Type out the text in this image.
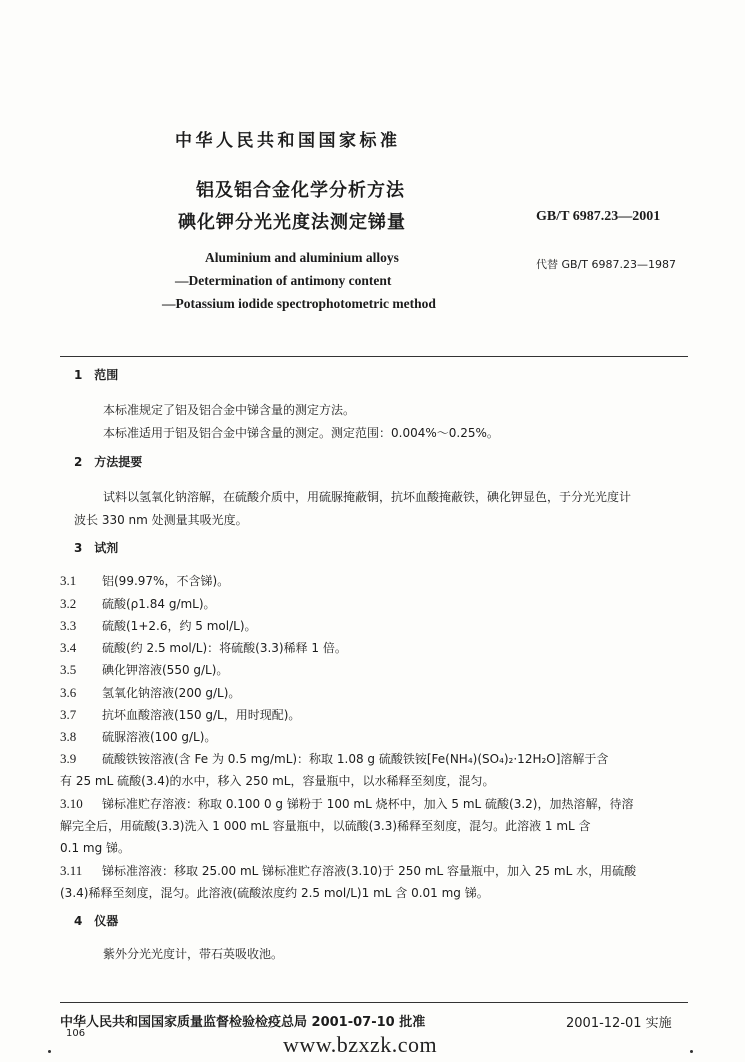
中华人民共和国国家标准
铝及铝合金化学分析方法
碘化钾分光光度法测定锑量	GB/T 6987.23—2001
Aluminium and aluminium alloys
—Determination of antimony content
—Potassium iodide spectrophotometric method
代替 GB/T 6987.23—1987
1 范围
本标准规定了铝及铝合金中锑含量的测定方法。
本标准适用于铝及铝合金中锑含量的测定。测定范围：0.004%～0.25%。
2 方法提要
试料以氢氧化钠溶解，在硫酸介质中，用硫脲掩蔽铜，抗坏血酸掩蔽铁，碘化钾显色，于分光光度计
波长 330 nm 处测量其吸光度。
3 试剂
3.1 铝(99.97%，不含锑)。
3.2 硫酸(ρ1.84 g/mL)。
3.3 硫酸(1+2.6，约 5 mol/L)。
3.4 硫酸(约 2.5 mol/L)：将硫酸(3.3)稀释 1 倍。
3.5 碘化钾溶液(550 g/L)。
3.6 氢氧化钠溶液(200 g/L)。
3.7 抗坏血酸溶液(150 g/L，用时现配)。
3.8 硫脲溶液(100 g/L)。
3.9 硫酸铁铵溶液(含 Fe 为 0.5 mg/mL)：称取 1.08 g 硫酸铁铵[Fe(NH₄)(SO₄)₂·12H₂O]溶解于含
有 25 mL 硫酸(3.4)的水中，移入 250 mL，容量瓶中，以水稀释至刻度，混匀。
3.10 锑标准贮存溶液：称取 0.100 0 g 锑粉于 100 mL 烧杯中，加入 5 mL 硫酸(3.2)，加热溶解，待溶
解完全后，用硫酸(3.3)洗入 1 000 mL 容量瓶中，以硫酸(3.3)稀释至刻度，混匀。此溶液 1 mL 含
0.1 mg 锑。
3.11 锑标准溶液：移取 25.00 mL 锑标准贮存溶液(3.10)于 250 mL 容量瓶中，加入 25 mL 水，用硫酸
(3.4)稀释至刻度，混匀。此溶液(硫酸浓度约 2.5 mol/L)1 mL 含 0.01 mg 锑。
4 仪器
紫外分光光度计，带石英吸收池。
中华人民共和国国家质量监督检验检疫总局 2001-07-10 批准	2001-12-01 实施
106	www.bzxzk.com
